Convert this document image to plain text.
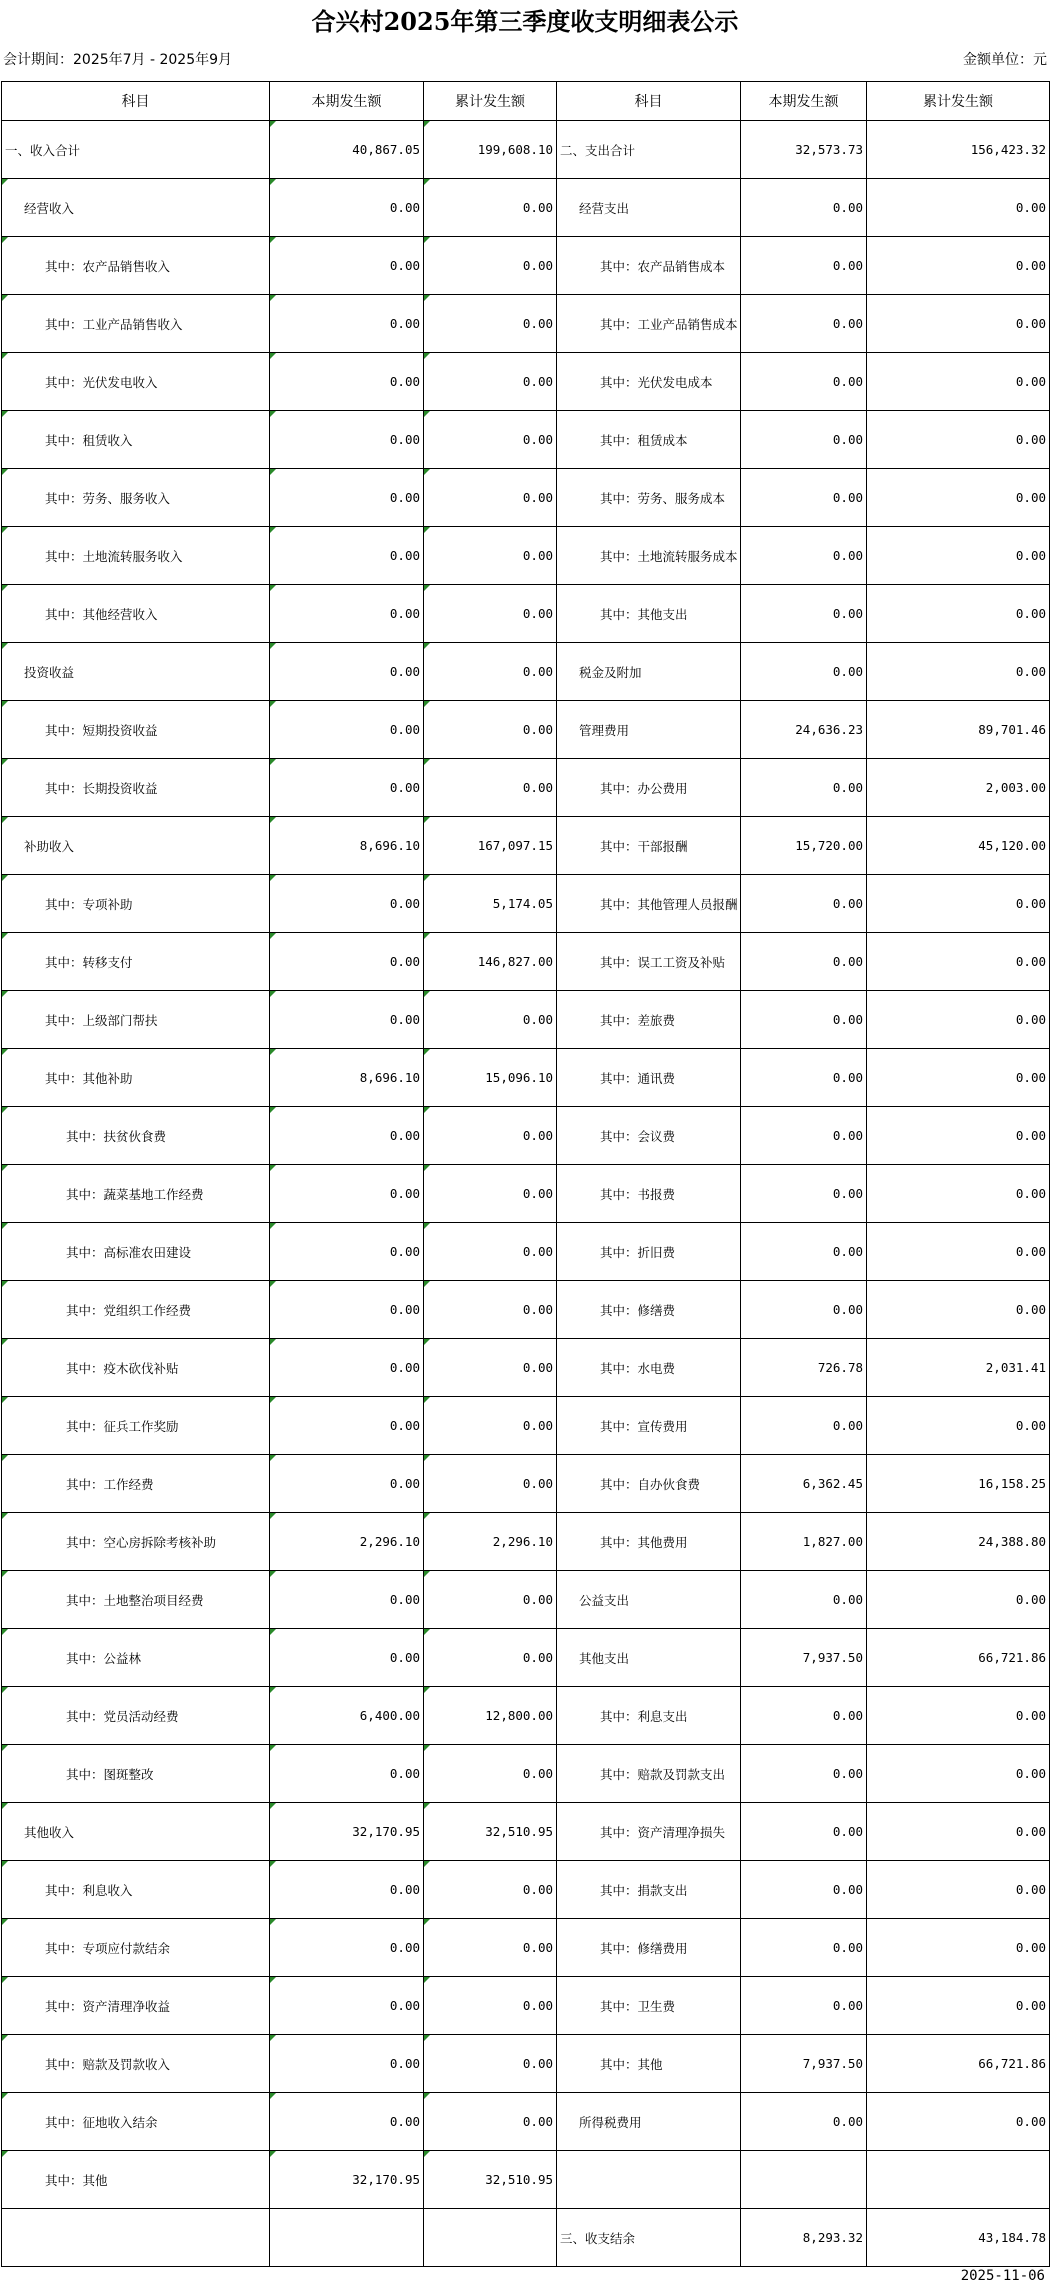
合兴村2025年第三季度收支明细表公示
会计期间：2025年7月 - 2025年9月	金额单位：元
科目	本期发生额	累计发生额	科目	本期发生额	累计发生额
一、收入合计	40,867.05	199,608.10	二、支出合计	32,573.73	156,423.32
经营收入	0.00	0.00	经营支出	0.00	0.00
其中：农产品销售收入	0.00	0.00	其中：农产品销售成本	0.00	0.00
其中：工业产品销售收入	0.00	0.00	其中：工业产品销售成本	0.00	0.00
其中：光伏发电收入	0.00	0.00	其中：光伏发电成本	0.00	0.00
其中：租赁收入	0.00	0.00	其中：租赁成本	0.00	0.00
其中：劳务、服务收入	0.00	0.00	其中：劳务、服务成本	0.00	0.00
其中：土地流转服务收入	0.00	0.00	其中：土地流转服务成本	0.00	0.00
其中：其他经营收入	0.00	0.00	其中：其他支出	0.00	0.00
投资收益	0.00	0.00	税金及附加	0.00	0.00
其中：短期投资收益	0.00	0.00	管理费用	24,636.23	89,701.46
其中：长期投资收益	0.00	0.00	其中：办公费用	0.00	2,003.00
补助收入	8,696.10	167,097.15	其中：干部报酬	15,720.00	45,120.00
其中：专项补助	0.00	5,174.05	其中：其他管理人员报酬	0.00	0.00
其中：转移支付	0.00	146,827.00	其中：误工工资及补贴	0.00	0.00
其中：上级部门帮扶	0.00	0.00	其中：差旅费	0.00	0.00
其中：其他补助	8,696.10	15,096.10	其中：通讯费	0.00	0.00
其中：扶贫伙食费	0.00	0.00	其中：会议费	0.00	0.00
其中：蔬菜基地工作经费	0.00	0.00	其中：书报费	0.00	0.00
其中：高标准农田建设	0.00	0.00	其中：折旧费	0.00	0.00
其中：党组织工作经费	0.00	0.00	其中：修缮费	0.00	0.00
其中：疫木砍伐补贴	0.00	0.00	其中：水电费	726.78	2,031.41
其中：征兵工作奖励	0.00	0.00	其中：宣传费用	0.00	0.00
其中：工作经费	0.00	0.00	其中：自办伙食费	6,362.45	16,158.25
其中：空心房拆除考核补助	2,296.10	2,296.10	其中：其他费用	1,827.00	24,388.80
其中：土地整治项目经费	0.00	0.00	公益支出	0.00	0.00
其中：公益林	0.00	0.00	其他支出	7,937.50	66,721.86
其中：党员活动经费	6,400.00	12,800.00	其中：利息支出	0.00	0.00
其中：图斑整改	0.00	0.00	其中：赔款及罚款支出	0.00	0.00
其他收入	32,170.95	32,510.95	其中：资产清理净损失	0.00	0.00
其中：利息收入	0.00	0.00	其中：捐款支出	0.00	0.00
其中：专项应付款结余	0.00	0.00	其中：修缮费用	0.00	0.00
其中：资产清理净收益	0.00	0.00	其中：卫生费	0.00	0.00
其中：赔款及罚款收入	0.00	0.00	其中：其他	7,937.50	66,721.86
其中：征地收入结余	0.00	0.00	所得税费用	0.00	0.00
其中：其他	32,170.95	32,510.95			
			三、收支结余	8,293.32	43,184.78
2025-11-06
